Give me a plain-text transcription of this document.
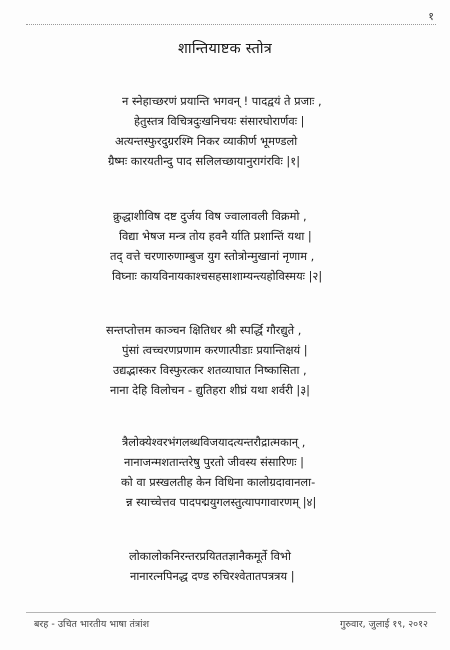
१
शान्तियाष्टक स्तोत्र
न स्नेहाच्छरणं प्रयान्ति भगवन् ! पादद्वयं ते प्रजाः ,
हेतुस्तत्र विचित्रदुःखनिचयः संसारघोरार्णवः |
अत्यन्तस्फुरदुग्ररश्मि निकर व्याकीर्ण भूमण्डलो
ग्रैष्मः कारयतीन्दु पाद सलिलच्छायानुरागंरविः |१|
क्रुद्धाशीविष दष्ट दुर्जय विष ज्वालावली विक्रमो ,
विद्या भेषज मन्त्र तोय हवनै र्याति प्रशान्तिं यथा |
तद् वत्ते चरणारुणाम्बुज युग स्तोत्रोन्मुखानां नृणाम ,
विघ्नाः कायविनायकाश्चसहसाशाम्यन्त्यहोविस्मयः |२|
सन्तप्तोत्तम काञ्चन क्षितिधर श्री स्पर्द्धि गौरद्युते ,
पुंसां त्वच्चरणप्रणाम करणात्पीडाः प्रयान्तिक्षयं |
उद्यद्भास्कर विस्फुरत्कर शतव्याघात निष्कासिता ,
नाना देहि विलोचन - द्युतिहरा शीघ्रं यथा शर्वरी |३|
त्रैलोक्येश्वरभंगलब्धविजयादत्यन्तरौद्रात्मकान् ,
नानाजन्मशतान्तरेषु पुरतो जीवस्य संसारिणः |
को वा प्रस्खलतीह केन विधिना कालोग्रदावानला-
न्न स्याच्चेत्तव पादपद्मयुगलस्तुत्यापगावारणम् |४|
लोकालोकनिरन्तरप्रयिततज्ञानैकमूर्ते विभो
नानारत्नपिनद्ध दण्ड रुचिरश्वेतातपत्रत्रय |
बरह - उचित भारतीय भाषा तंत्रांश	गुरुवार, जुलाई १९, २०१२
